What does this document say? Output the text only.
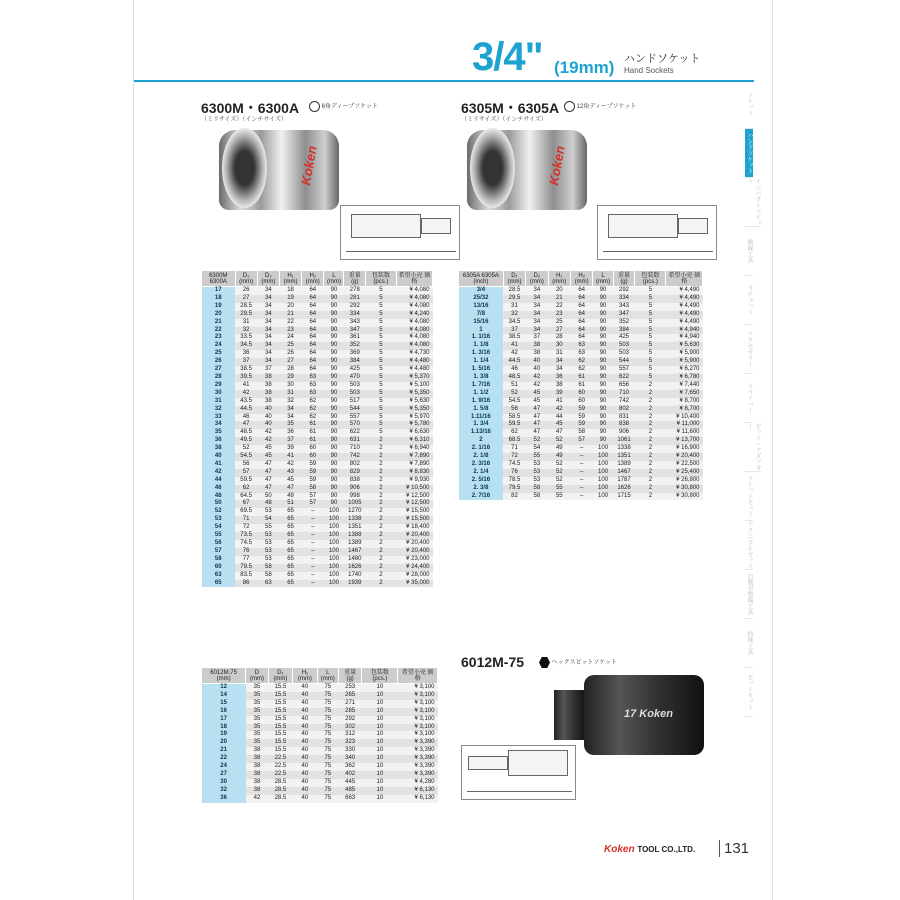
3/4" (19mm) ハンドソケット
Hand Sockets
6300M・6300A
（ミリサイズ）（インチサイズ）
6角ディープソケット
Koken
6300M 6300A	D₁ (mm)	D₂ (mm)	H₁ (mm)	H₂ (mm)	L (mm)	重量 (g)	包装数 (pcs.)	希望小売 価格
17	26	34	18	64	90	278	5	¥ 4,080
18	27	34	19	64	90	281	5	¥ 4,080
19	28.5	34	20	64	90	292	5	¥ 4,080
20	29.5	34	21	64	90	334	5	¥ 4,240
21	31	34	22	64	90	343	5	¥ 4,080
22	32	34	23	64	90	347	5	¥ 4,080
23	33.5	34	24	64	90	361	5	¥ 4,080
24	34.5	34	25	64	90	352	5	¥ 4,080
25	36	34	26	64	90	369	5	¥ 4,730
26	37	34	27	64	90	384	5	¥ 4,480
27	38.5	37	28	64	90	425	5	¥ 4,480
28	39.5	38	29	63	90	470	5	¥ 5,370
29	41	38	30	63	90	503	5	¥ 5,100
30	42	38	31	63	90	503	5	¥ 5,350
31	43.5	38	32	62	90	517	5	¥ 5,630
32	44.5	40	34	62	90	544	5	¥ 5,350
33	46	40	34	62	90	557	5	¥ 5,970
34	47	40	35	61	90	570	5	¥ 5,780
35	48.5	42	36	61	90	622	5	¥ 6,630
36	49.5	42	37	61	90	631	2	¥ 6,310
38	52	45	39	60	90	710	2	¥ 6,940
40	54.5	45	41	60	90	742	2	¥ 7,890
41	56	47	42	59	90	802	2	¥ 7,890
42	57	47	43	59	90	829	2	¥ 8,830
44	59.5	47	45	59	90	838	2	¥ 9,930
46	62	47	47	58	90	906	2	¥ 10,500
48	64.5	50	49	57	90	998	2	¥ 12,500
50	67	48	51	57	90	1005	2	¥ 12,500
52	69.5	53	65	–	100	1270	2	¥ 15,500
53	71	54	65	–	100	1338	2	¥ 15,500
54	72	55	65	–	100	1351	2	¥ 18,400
55	73.5	53	65	–	100	1388	2	¥ 20,400
56	74.5	53	65	–	100	1389	2	¥ 20,400
57	76	53	65	–	100	1467	2	¥ 20,400
58	77	53	65	–	100	1480	2	¥ 23,000
60	79.5	58	65	–	100	1626	2	¥ 24,400
63	83.5	58	65	–	100	1740	2	¥ 28,000
65	86	63	65	–	100	1939	2	¥ 35,000
6305M・6305A
（ミリサイズ）（インチサイズ）
12角ディープソケット
Koken
6305A 6305A (inch)	D₁ (mm)	D₂ (mm)	H₁ (mm)	H₂ (mm)	L (mm)	重量 (g)	包装数 (pcs.)	希望小売 価格
3/4	28.5	34	20	64	90	292	5	¥ 4,490
25/32	29.5	34	21	64	90	334	5	¥ 4,490
13/16	31	34	22	64	90	343	5	¥ 4,490
7/8	32	34	23	64	90	347	5	¥ 4,490
15/16	34.5	34	25	64	90	352	5	¥ 4,490
1	37	34	27	64	90	384	5	¥ 4,940
1. 1/16	38.5	37	28	64	90	425	5	¥ 4,940
1. 1/8	41	38	30	63	90	503	5	¥ 5,630
1. 3/16	42	38	31	63	90	503	5	¥ 5,900
1. 1/4	44.5	40	34	62	90	544	5	¥ 5,900
1. 5/16	46	40	34	62	90	557	5	¥ 6,270
1. 3/8	48.5	42	36	61	90	622	5	¥ 6,780
1. 7/16	51	42	38	61	90	656	2	¥ 7,440
1. 1/2	52	45	39	60	90	710	2	¥ 7,650
1. 9/16	54.5	45	41	60	90	742	2	¥ 8,700
1. 5/8	56	47	42	59	90	802	2	¥ 8,700
1.11/16	58.5	47	44	59	90	831	2	¥ 10,400
1. 3/4	59.5	47	45	59	90	838	2	¥ 11,000
1.13/16	62	47	47	58	90	906	2	¥ 11,600
2	68.5	52	52	57	90	1061	2	¥ 13,700
2. 1/16	71	54	49	–	100	1338	2	¥ 16,900
2. 1/8	72	55	49	–	100	1351	2	¥ 20,400
2. 3/16	74.5	53	52	–	100	1389	2	¥ 22,500
2. 1/4	76	53	52	–	100	1467	2	¥ 25,400
2. 5/16	78.5	53	52	–	100	1787	2	¥ 26,800
2. 3/8	79.5	58	55	–	100	1626	2	¥ 30,800
2. 7/16	82	58	55	–	100	1715	2	¥ 30,800
6012M-75	ヘックスビットソケット
17 Koken
6012M.75 (mm)	D (mm)	D₁ (mm)	H₁ (mm)	L (mm)	重量 (g)	包装数 (pcs.)	希望小売 価格
12	35	15.5	40	75	253	10	¥ 3,100
14	35	15.5	40	75	265	10	¥ 3,100
15	35	15.5	40	75	271	10	¥ 3,100
16	35	15.5	40	75	285	10	¥ 3,100
17	35	15.5	40	75	292	10	¥ 3,100
18	35	15.5	40	75	302	10	¥ 3,100
19	35	15.5	40	75	312	10	¥ 3,100
20	35	15.5	40	75	323	10	¥ 3,390
21	38	15.5	40	75	330	10	¥ 3,390
22	38	22.5	40	75	340	10	¥ 3,390
24	38	22.5	40	75	362	10	¥ 3,390
27	38	22.5	40	75	402	10	¥ 3,390
30	38	28.5	40	75	445	10	¥ 4,280
32	38	28.5	40	75	485	10	¥ 6,130
36	42	28.5	40	75	663	10	¥ 6,130
Koken TOOL CO.,LTD.	131
ソケット
ハンドソケット
インパクトソケット
絶縁工具
ラチェット
アクセサリー
ドライバー
ビット・アダプター
ソケットセット
テクニカルセット
自動車整備工具
特殊工具
ビットセット
